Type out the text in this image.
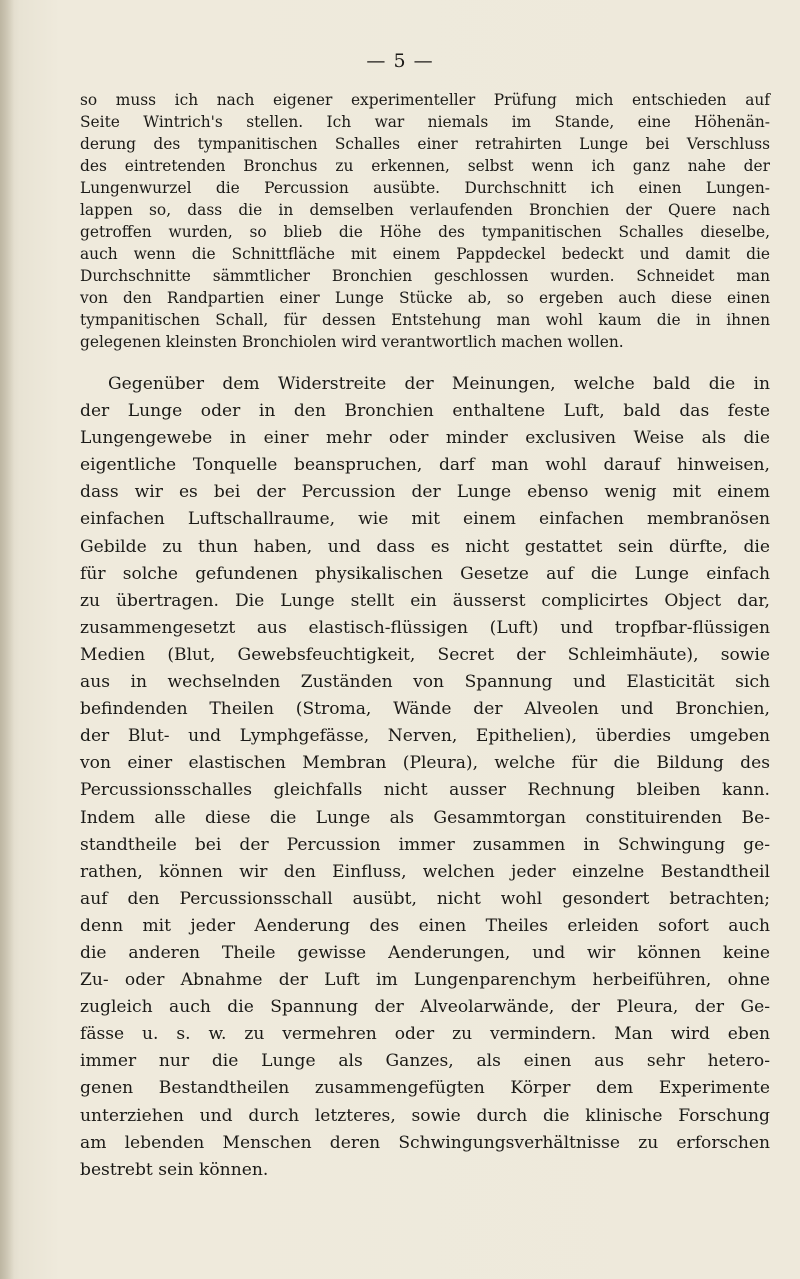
— 5 —
so muss ich nach eigener experimenteller Prüfung mich entschieden auf
Seite Wintrich's stellen. Ich war niemals im Stande, eine Höhenän-
derung des tympanitischen Schalles einer retrahirten Lunge bei Verschluss
des eintretenden Bronchus zu erkennen, selbst wenn ich ganz nahe der
Lungenwurzel die Percussion ausübte. Durchschnitt ich einen Lungen-
lappen so, dass die in demselben verlaufenden Bronchien der Quere nach
getroffen wurden, so blieb die Höhe des tympanitischen Schalles dieselbe,
auch wenn die Schnittfläche mit einem Pappdeckel bedeckt und damit die
Durchschnitte sämmtlicher Bronchien geschlossen wurden. Schneidet man
von den Randpartien einer Lunge Stücke ab, so ergeben auch diese einen
tympanitischen Schall, für dessen Entstehung man wohl kaum die in ihnen
gelegenen kleinsten Bronchiolen wird verantwortlich machen wollen.
Gegenüber dem Widerstreite der Meinungen, welche bald die in
der Lunge oder in den Bronchien enthaltene Luft, bald das feste
Lungengewebe in einer mehr oder minder exclusiven Weise als die
eigentliche Tonquelle beanspruchen, darf man wohl darauf hinweisen,
dass wir es bei der Percussion der Lunge ebenso wenig mit einem
einfachen Luftschallraume, wie mit einem einfachen membranösen
Gebilde zu thun haben, und dass es nicht gestattet sein dürfte, die
für solche gefundenen physikalischen Gesetze auf die Lunge einfach
zu übertragen. Die Lunge stellt ein äusserst complicirtes Object dar,
zusammengesetzt aus elastisch-flüssigen (Luft) und tropfbar-flüssigen
Medien (Blut, Gewebsfeuchtigkeit, Secret der Schleimhäute), sowie
aus in wechselnden Zuständen von Spannung und Elasticität sich
befindenden Theilen (Stroma, Wände der Alveolen und Bronchien,
der Blut- und Lymphgefässe, Nerven, Epithelien), überdies umgeben
von einer elastischen Membran (Pleura), welche für die Bildung des
Percussionsschalles gleichfalls nicht ausser Rechnung bleiben kann.
Indem alle diese die Lunge als Gesammtorgan constituirenden Be-
standtheile bei der Percussion immer zusammen in Schwingung ge-
rathen, können wir den Einfluss, welchen jeder einzelne Bestandtheil
auf den Percussionsschall ausübt, nicht wohl gesondert betrachten;
denn mit jeder Aenderung des einen Theiles erleiden sofort auch
die anderen Theile gewisse Aenderungen, und wir können keine
Zu- oder Abnahme der Luft im Lungenparenchym herbeiführen, ohne
zugleich auch die Spannung der Alveolarwände, der Pleura, der Ge-
fässe u. s. w. zu vermehren oder zu vermindern. Man wird eben
immer nur die Lunge als Ganzes, als einen aus sehr hetero-
genen Bestandtheilen zusammengefügten Körper dem Experimente
unterziehen und durch letzteres, sowie durch die klinische Forschung
am lebenden Menschen deren Schwingungsverhältnisse zu erforschen
bestrebt sein können.
